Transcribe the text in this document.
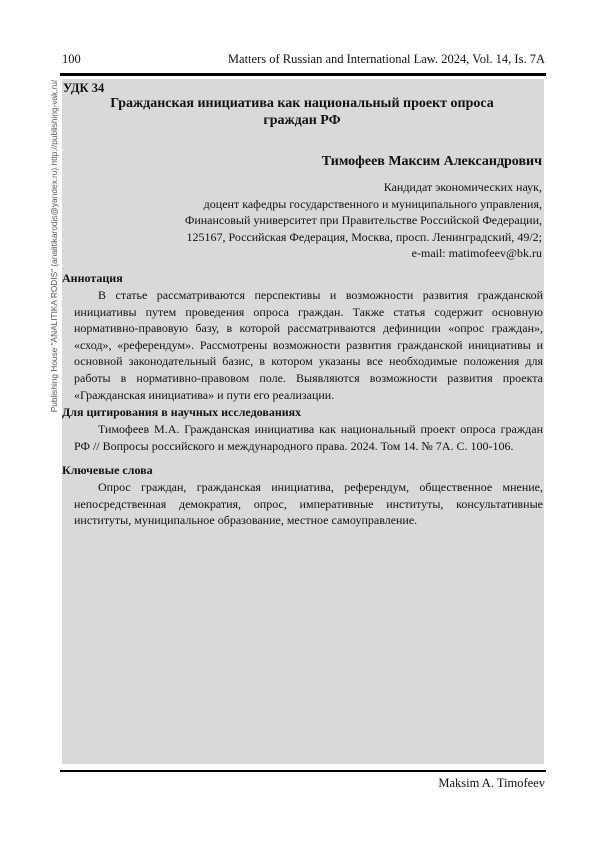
100	Matters of Russian and International Law. 2024, Vol. 14, Is. 7A
Publishing House "ANALITIKA RODIS" (analitikarodis@yandex.ru) http://publishing-vak.ru/ УДК 34
Гражданская инициатива как национальный проект опроса граждан РФ
Тимофеев Максим Александрович
Кандидат экономических наук,
доцент кафедры государственного и муниципального управления,
Финансовый университет при Правительстве Российской Федерации,
125167, Российская Федерация, Москва, просп. Ленинградский, 49/2;
e-mail: matimofeev@bk.ru
Аннотация
В статье рассматриваются перспективы и возможности развития гражданской инициативы путем проведения опроса граждан. Также статья содержит основную нормативно-правовую базу, в которой рассматриваются дефиниции «опрос граждан», «сход», «референдум». Рассмотрены возможности развития гражданской инициативы и основной законодательный базис, в котором указаны все необходимые положения для работы в нормативно-правовом поле. Выявляются возможности развития проекта «Гражданская инициатива» и пути его реализации.
Для цитирования в научных исследованиях
Тимофеев М.А. Гражданская инициатива как национальный проект опроса граждан РФ // Вопросы российского и международного права. 2024. Том 14. № 7А. С. 100-106.
Ключевые слова
Опрос граждан, гражданская инициатива, референдум, общественное мнение, непосредственная демократия, опрос, императивные институты, консультативные институты, муниципальное образование, местное самоуправление.
Maksim A. Timofeev
